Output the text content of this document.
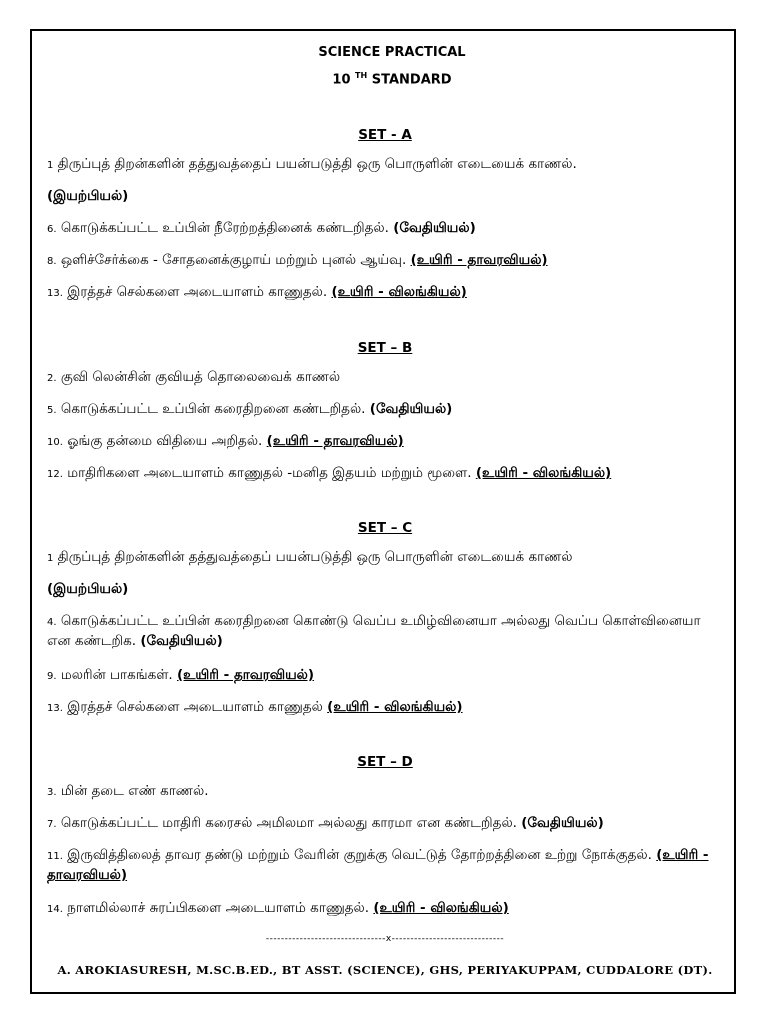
SCIENCE PRACTICAL
10 $^{TH}$ STANDARD
SET - A
1 திருப்புத் திறன்களின் தத்துவத்தைப் பயன்படுத்தி ஒரு பொருளின் எடையைக் காணல்.
(இயற்பியல்)
6. கொடுக்கப்பட்ட உப்பின் நீரேற்றத்தினைக் கண்டறிதல். (வேதியியல்)
8. ஒளிச்சேர்க்கை - சோதனைக்குழாய் மற்றும் புனல் ஆய்வு. (உயிரி - தாவரவியல்)
13. இரத்தச் செல்களை அடையாளம் காணுதல். (உயிரி - விலங்கியல்)
SET – B
2. குவி லென்சின் குவியத் தொலைவைக் காணல்
5. கொடுக்கப்பட்ட உப்பின் கரைதிறனை கண்டறிதல். (வேதியியல்)
10. ஓங்கு தன்மை விதியை அறிதல். (உயிரி - தாவரவியல்)
12. மாதிரிகளை அடையாளம் காணுதல் -மனித இதயம் மற்றும் மூளை. (உயிரி - விலங்கியல்)
SET – C
1 திருப்புத் திறன்களின் தத்துவத்தைப் பயன்படுத்தி ஒரு பொருளின் எடையைக் காணல்
(இயற்பியல்)
4. கொடுக்கப்பட்ட உப்பின் கரைதிறனை கொண்டு வெப்ப உமிழ்வினையா அல்லது வெப்ப கொள்வினையா என கண்டறிக. (வேதியியல்)
9. மலரின் பாகங்கள். (உயிரி - தாவரவியல்)
13. இரத்தச் செல்களை அடையாளம் காணுதல் (உயிரி - விலங்கியல்)
SET – D
3. மின் தடை எண் காணல்.
7. கொடுக்கப்பட்ட மாதிரி கரைசல் அமிலமா அல்லது காரமா என கண்டறிதல். (வேதியியல்)
11. இருவித்திலைத் தாவர தண்டு மற்றும் வேரின் குறுக்கு வெட்டுத் தோற்றத்தினை உற்று நோக்குதல். (உயிரி - தாவரவியல்)
14. நாளமில்லாச் சுரப்பிகளை அடையாளம் காணுதல். (உயிரி - விலங்கியல்)
--------------------------------x------------------------------
A. AROKIASURESH, M.SC.B.ED., BT ASST. (SCIENCE), GHS, PERIYAKUPPAM, CUDDALORE (DT).
